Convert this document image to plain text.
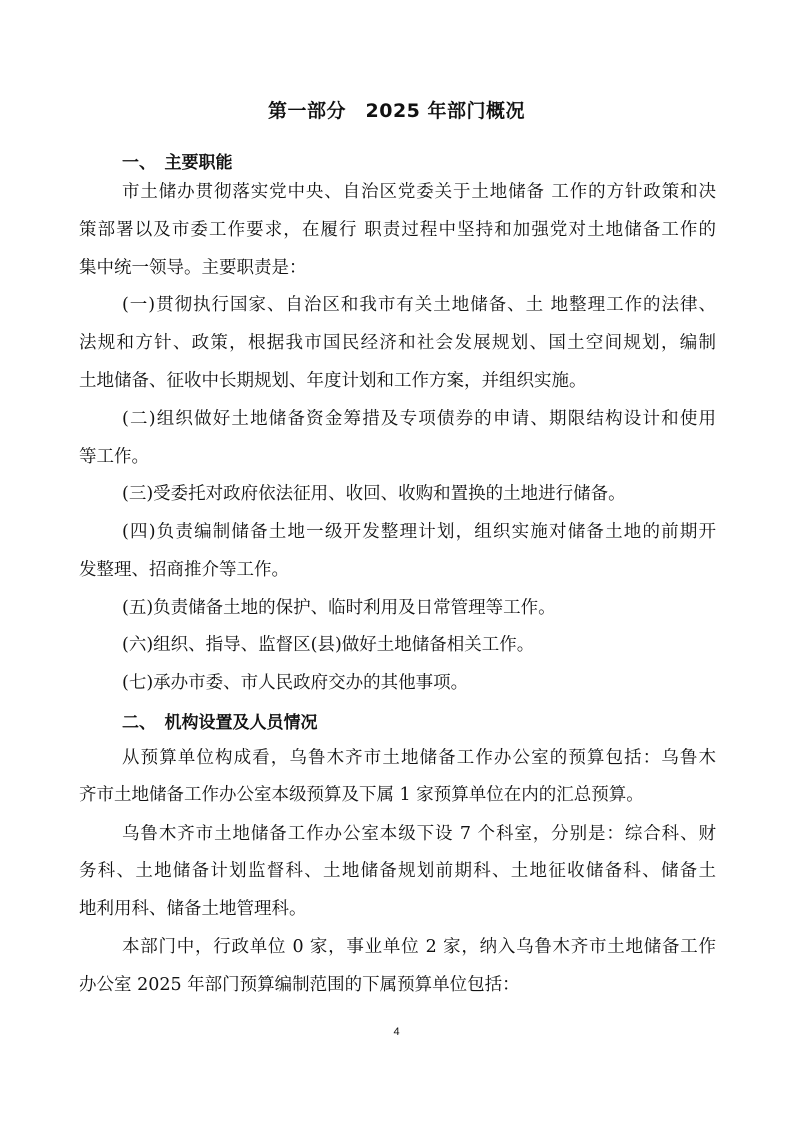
第一部分　2025 年部门概况
一、　主要职能
市土储办贯彻落实党中央、自治区党委关于土地储备 工作的方针政策和决
策部署以及市委工作要求，在履行 职责过程中坚持和加强党对土地储备工作的
集中统一领导。主要职责是：
(一)贯彻执行国家、自治区和我市有关土地储备、土 地整理工作的法律、
法规和方针、政策，根据我市国民经济和社会发展规划、国土空间规划，编制
土地储备、征收中长期规划、年度计划和工作方案，并组织实施。
(二)组织做好土地储备资金筹措及专项债券的申请、期限结构设计和使用
等工作。
(三)受委托对政府依法征用、收回、收购和置换的土地进行储备。
(四)负责编制储备土地一级开发整理计划，组织实施对储备土地的前期开
发整理、招商推介等工作。
(五)负责储备土地的保护、临时利用及日常管理等工作。
(六)组织、指导、监督区(县)做好土地储备相关工作。
(七)承办市委、市人民政府交办的其他事项。
二、　机构设置及人员情况
从预算单位构成看，乌鲁木齐市土地储备工作办公室的预算包括：乌鲁木
齐市土地储备工作办公室本级预算及下属 1 家预算单位在内的汇总预算。
乌鲁木齐市土地储备工作办公室本级下设 7 个科室，分别是：综合科、财
务科、土地储备计划监督科、土地储备规划前期科、土地征收储备科、储备土
地利用科、储备土地管理科。
本部门中，行政单位 0 家，事业单位 2 家，纳入乌鲁木齐市土地储备工作
办公室 2025 年部门预算编制范围的下属预算单位包括：
4
